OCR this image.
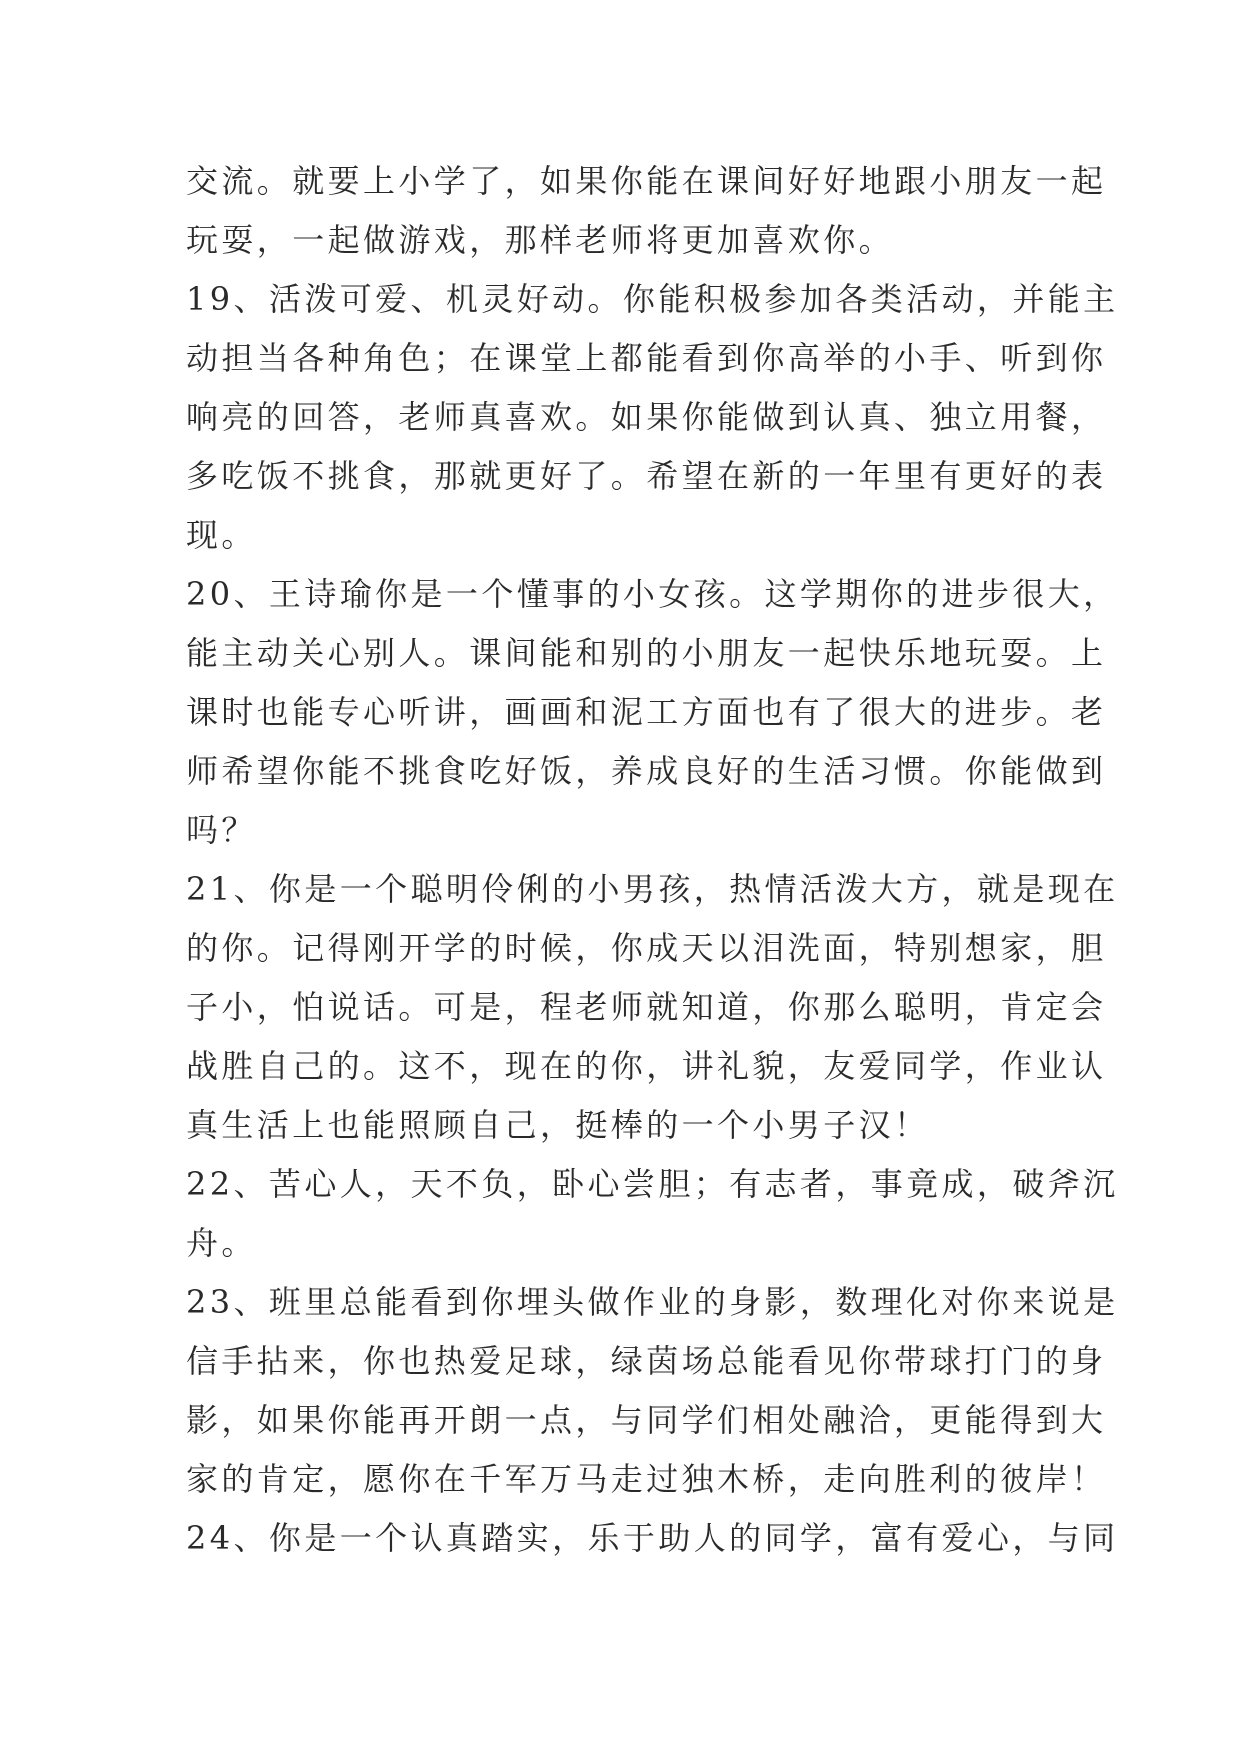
交流。就要上小学了，如果你能在课间好好地跟小朋友一起
玩耍，一起做游戏，那样老师将更加喜欢你。
19、活泼可爱、机灵好动。你能积极参加各类活动，并能主
动担当各种角色；在课堂上都能看到你高举的小手、听到你
响亮的回答，老师真喜欢。如果你能做到认真、独立用餐，
多吃饭不挑食，那就更好了。希望在新的一年里有更好的表
现。
20、王诗瑜你是一个懂事的小女孩。这学期你的进步很大，
能主动关心别人。课间能和别的小朋友一起快乐地玩耍。上
课时也能专心听讲，画画和泥工方面也有了很大的进步。老
师希望你能不挑食吃好饭，养成良好的生活习惯。你能做到
吗？
21、你是一个聪明伶俐的小男孩，热情活泼大方，就是现在
的你。记得刚开学的时候，你成天以泪洗面，特别想家，胆
子小，怕说话。可是，程老师就知道，你那么聪明，肯定会
战胜自己的。这不，现在的你，讲礼貌，友爱同学，作业认
真生活上也能照顾自己，挺棒的一个小男子汉！
22、苦心人，天不负，卧心尝胆；有志者，事竟成，破斧沉
舟。
23、班里总能看到你埋头做作业的身影，数理化对你来说是
信手拈来，你也热爱足球，绿茵场总能看见你带球打门的身
影，如果你能再开朗一点，与同学们相处融洽，更能得到大
家的肯定，愿你在千军万马走过独木桥，走向胜利的彼岸！
24、你是一个认真踏实，乐于助人的同学，富有爱心，与同
